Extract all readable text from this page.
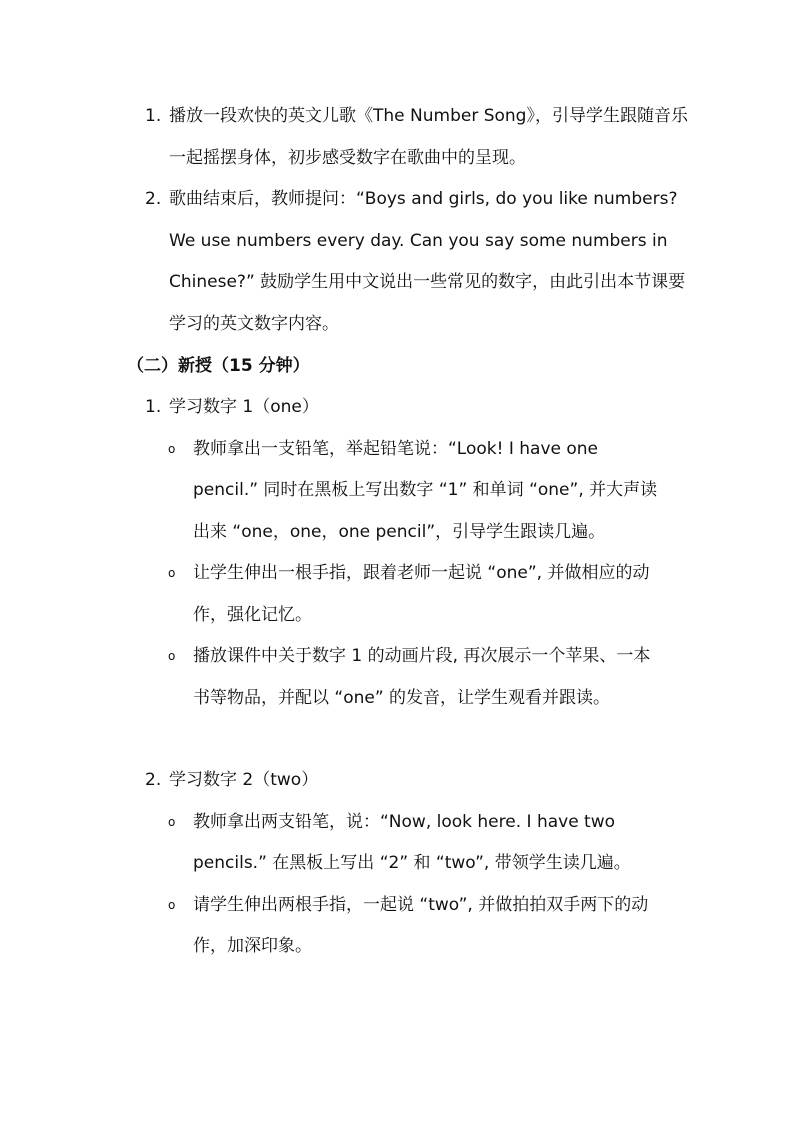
1. 播放一段欢快的英文儿歌《The Number Song》，引导学生跟随音乐一起摇摆身体，初步感受数字在歌曲中的呈现。
2. 歌曲结束后，教师提问：“Boys and girls, do you like numbers? We use numbers every day. Can you say some numbers in Chinese?” 鼓励学生用中文说出一些常见的数字，由此引出本节课要学习的英文数字内容。
（二）新授（15 分钟）
1. 学习数字 1（one）
o 教师拿出一支铅笔，举起铅笔说：“Look! I have one pencil.” 同时在黑板上写出数字 “1” 和单词 “one”, 并大声读出来 “one，one，one pencil”，引导学生跟读几遍。
o 让学生伸出一根手指，跟着老师一起说 “one”, 并做相应的动作，强化记忆。
o 播放课件中关于数字 1 的动画片段, 再次展示一个苹果、一本书等物品，并配以 “one” 的发音，让学生观看并跟读。
2. 学习数字 2（two）
o 教师拿出两支铅笔，说：“Now, look here. I have two pencils.” 在黑板上写出 “2” 和 “two”, 带领学生读几遍。
o 请学生伸出两根手指，一起说 “two”, 并做拍拍双手两下的动作，加深印象。
